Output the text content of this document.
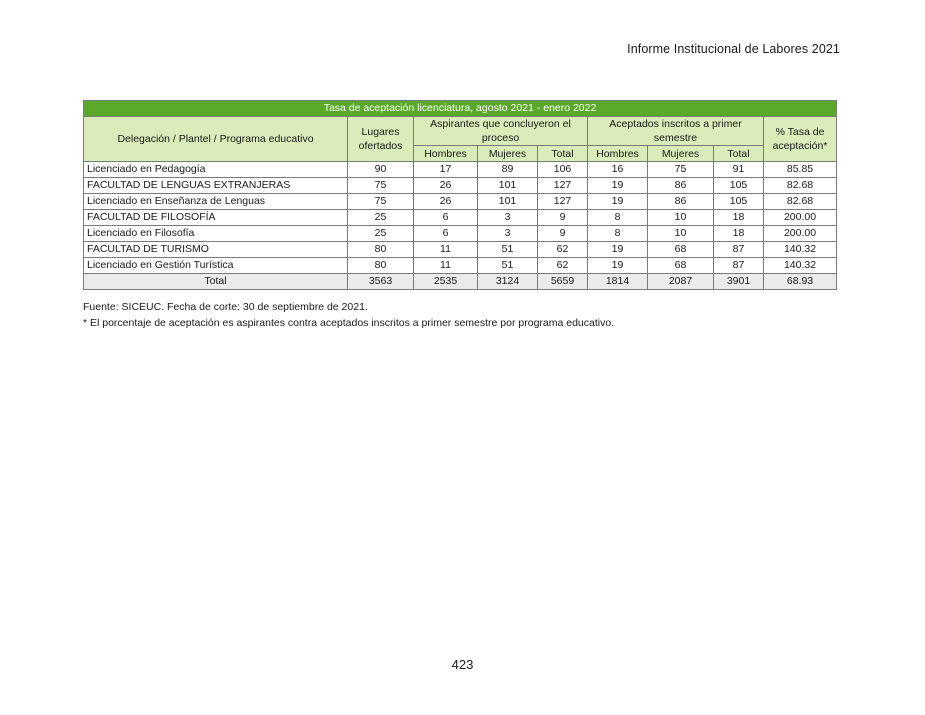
Informe Institucional de Labores 2021
Tasa de aceptación licenciatura, agosto 2021 - enero 2022								
Delegación / Plantel / Programa educativo	Lugares ofertados	Aspirantes que concluyeron el proceso			Aceptados inscritos a primer semestre			% Tasa de aceptación*
		Hombres	Mujeres	Total	Hombres	Mujeres	Total	
Licenciado en Pedagogía	90	17	89	106	16	75	91	85.85
FACULTAD DE LENGUAS EXTRANJERAS	75	26	101	127	19	86	105	82.68
Licenciado en Enseñanza de Lenguas	75	26	101	127	19	86	105	82.68
FACULTAD DE FILOSOFÍA	25	6	3	9	8	10	18	200.00
Licenciado en Filosofía	25	6	3	9	8	10	18	200.00
FACULTAD DE TURISMO	80	11	51	62	19	68	87	140.32
Licenciado en Gestión Turística	80	11	51	62	19	68	87	140.32
Total	3563	2535	3124	5659	1814	2087	3901	68.93
Fuente: SICEUC. Fecha de corte: 30 de septiembre de 2021.
* El porcentaje de aceptación es aspirantes contra aceptados inscritos a primer semestre por programa educativo.
423
